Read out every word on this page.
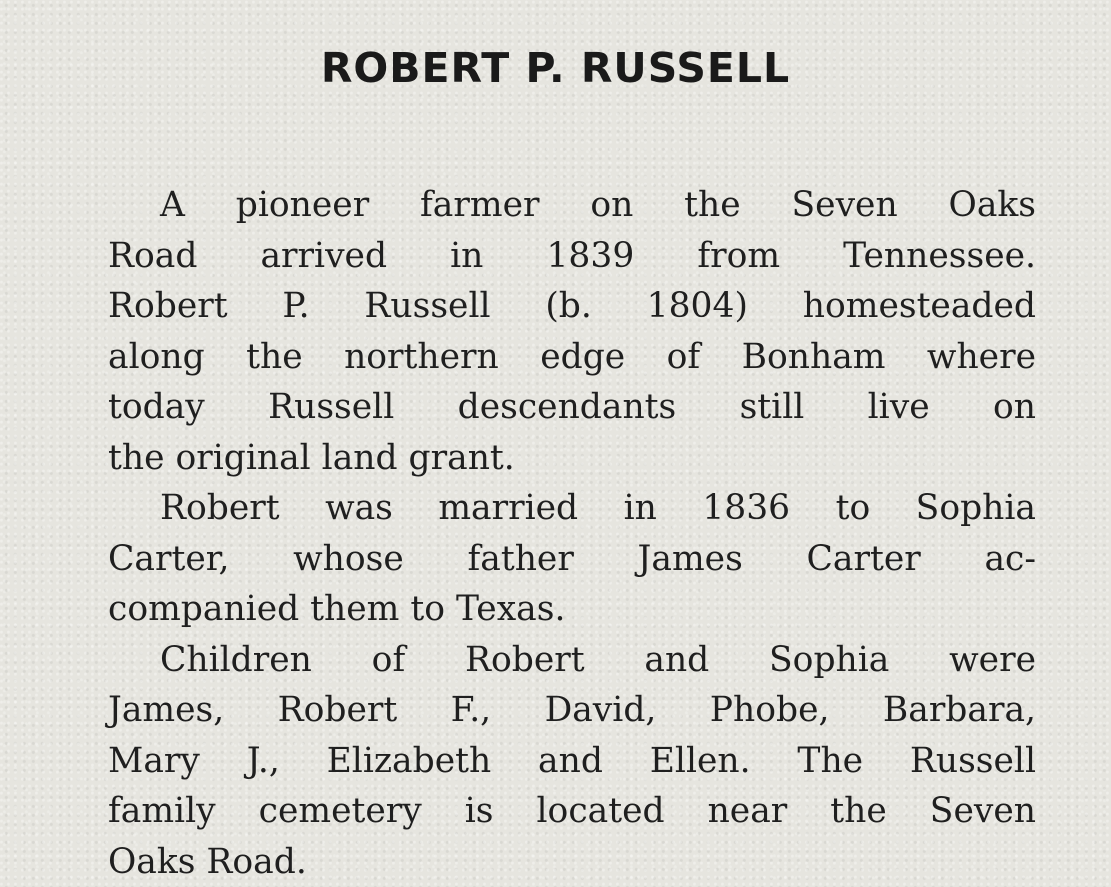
ROBERT P. RUSSELL
A pioneer farmer on the Seven Oaks
Road arrived in 1839 from Tennessee.
Robert P. Russell (b. 1804) homesteaded
along the northern edge of Bonham where
today Russell descendants still live on
the original land grant.
Robert was married in 1836 to Sophia
Carter, whose father James Carter ac-
companied them to Texas.
Children of Robert and Sophia were
James, Robert F., David, Phobe, Barbara,
Mary J., Elizabeth and Ellen. The Russell
family cemetery is located near the Seven
Oaks Road.
